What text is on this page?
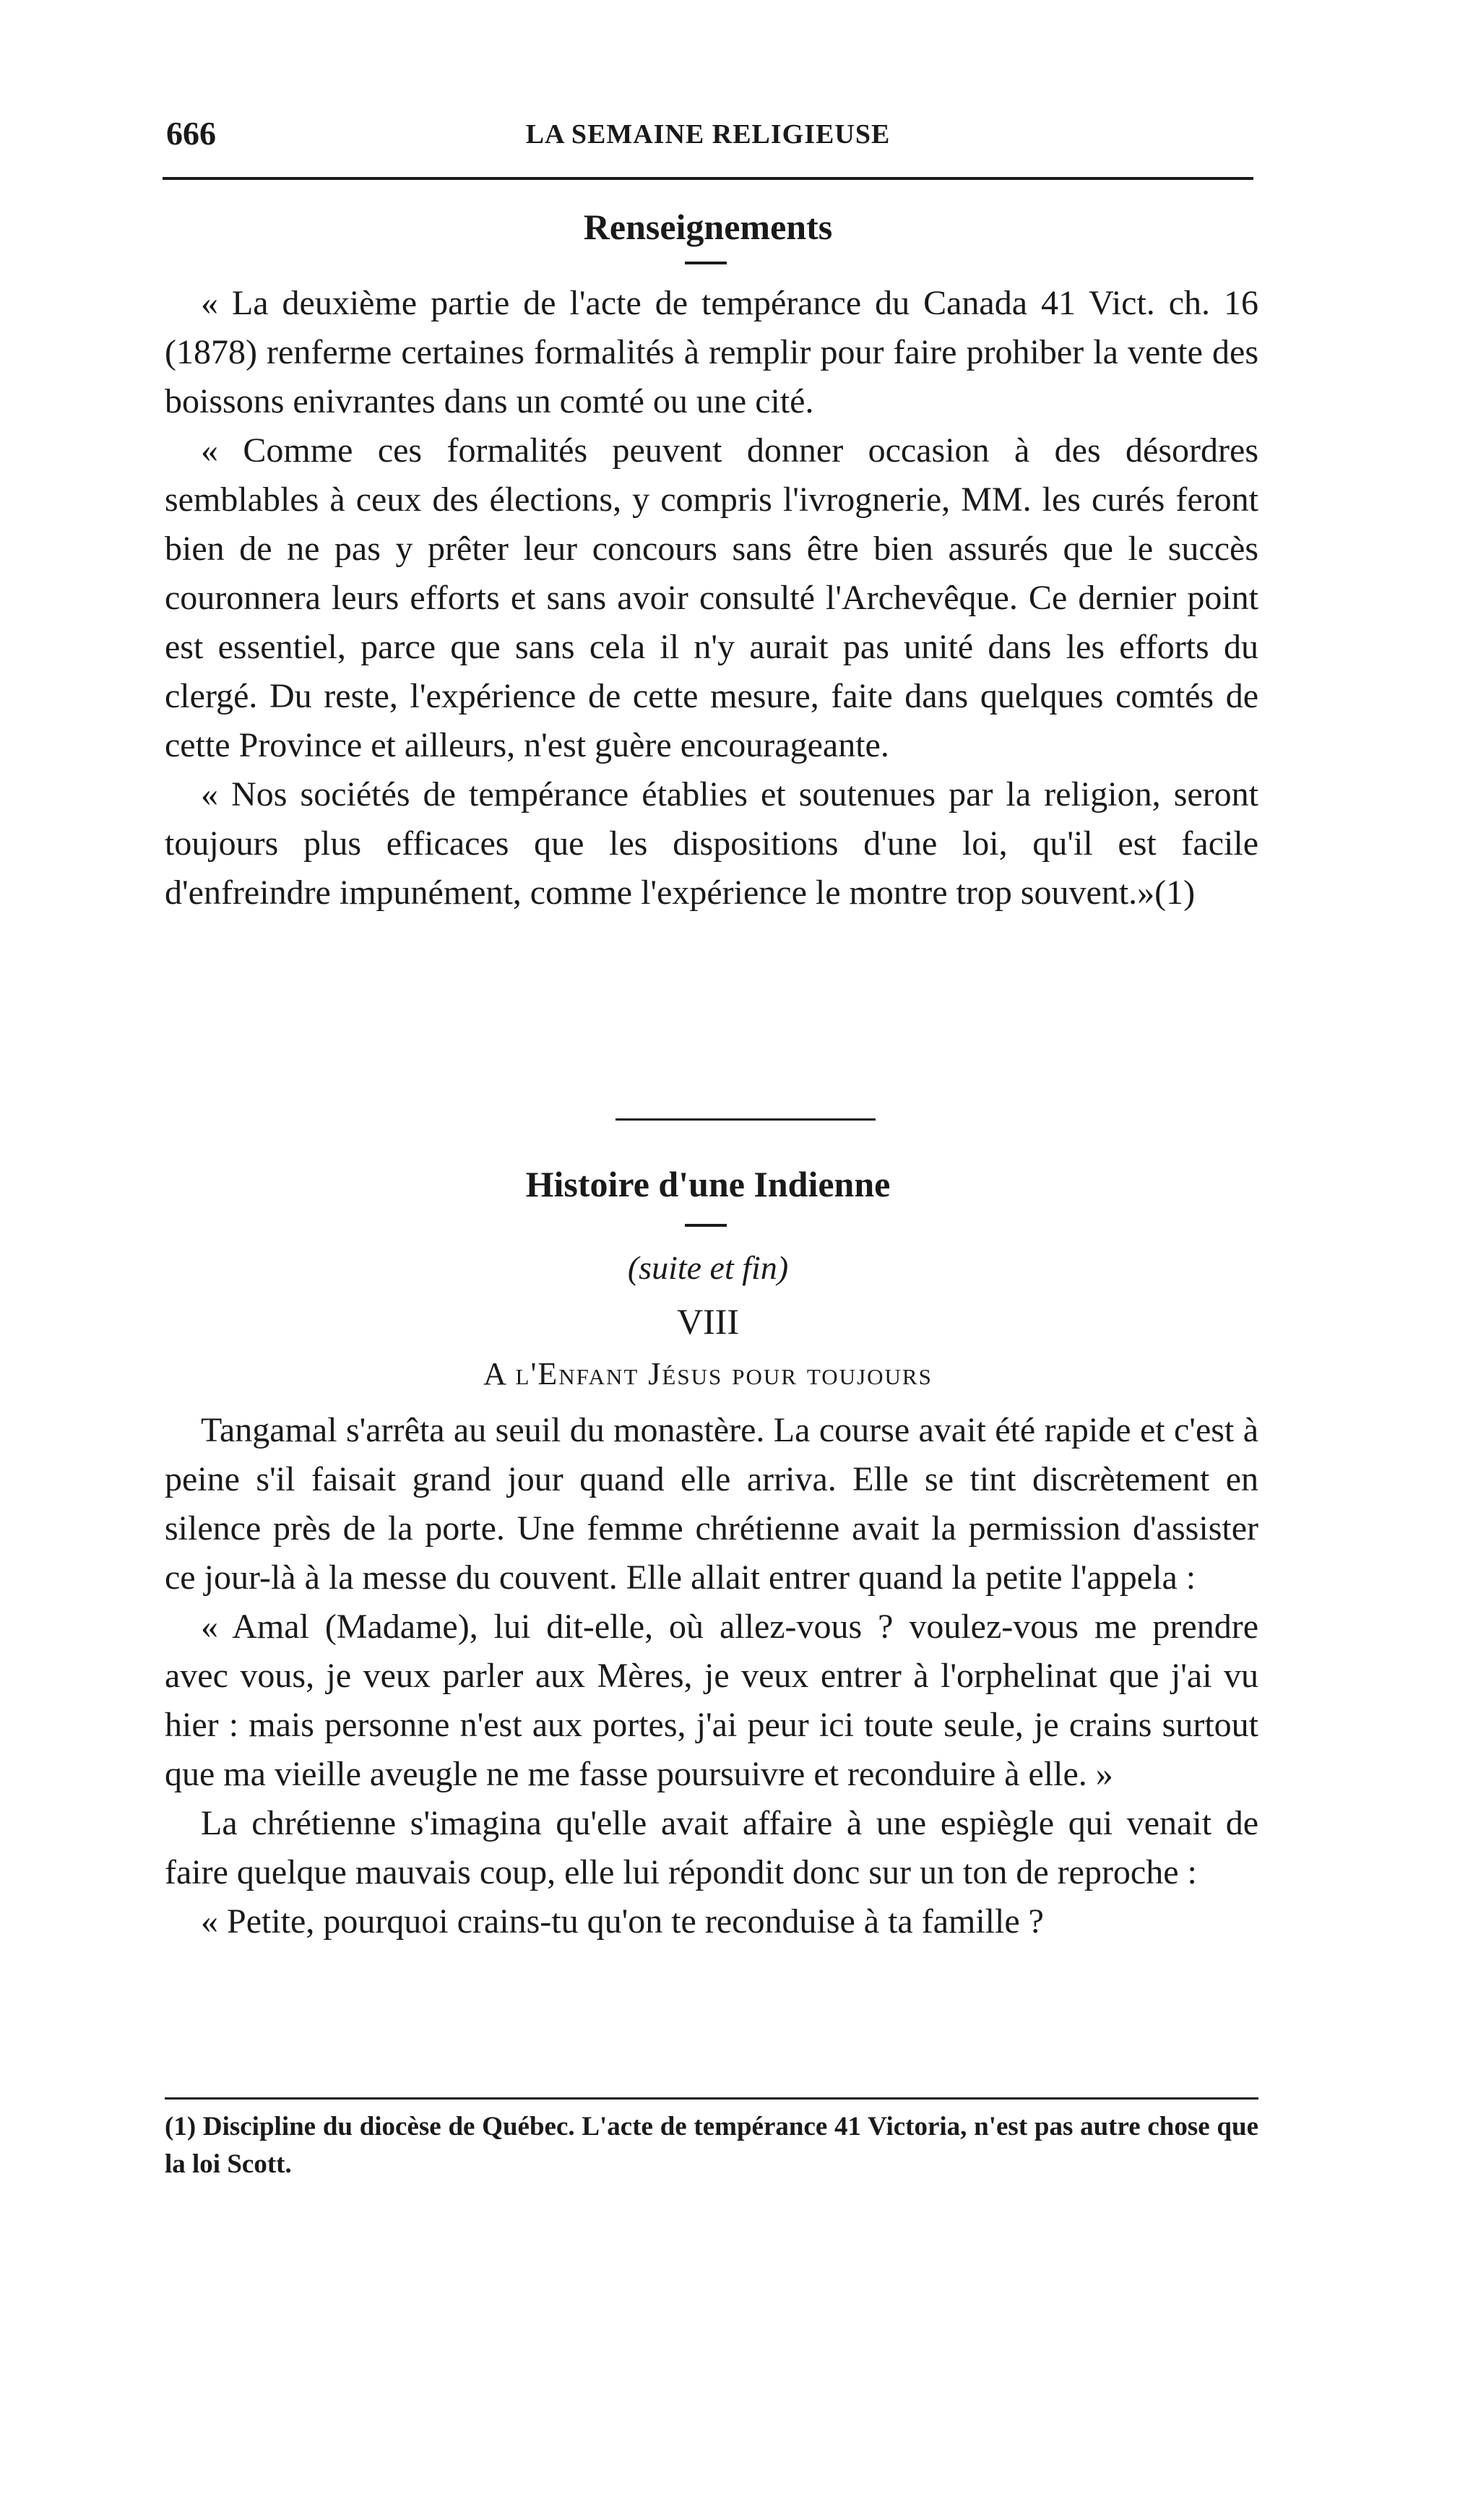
666	LA SEMAINE RELIGIEUSE
Renseignements

« La deuxième partie de l'acte de tempérance du Canada 41 Vict. ch. 16 (1878) renferme certaines formalités à remplir pour faire prohiber la vente des boissons enivrantes dans un comté ou une cité.

« Comme ces formalités peuvent donner occasion à des désordres semblables à ceux des élections, y compris l'ivrognerie, MM. les curés feront bien de ne pas y prêter leur concours sans être bien assurés que le succès couronnera leurs efforts et sans avoir consulté l'Archevêque. Ce dernier point est essentiel, parce que sans cela il n'y aurait pas unité dans les efforts du clergé. Du reste, l'expérience de cette mesure, faite dans quelques comtés de cette Province et ailleurs, n'est guère encourageante.

« Nos sociétés de tempérance établies et soutenues par la religion, seront toujours plus efficaces que les dispositions d'une loi, qu'il est facile d'enfreindre impunément, comme l'expérience le montre trop souvent.»(1)

Histoire d'une Indienne
(suite et fin)
VIII
A l'Enfant Jésus pour toujours

Tangamal s'arrêta au seuil du monastère. La course avait été rapide et c'est à peine s'il faisait grand jour quand elle arriva. Elle se tint discrètement en silence près de la porte. Une femme chrétienne avait la permission d'assister ce jour-là à la messe du couvent. Elle allait entrer quand la petite l'appela :

« Amal (Madame), lui dit-elle, où allez-vous ? voulez-vous me prendre avec vous, je veux parler aux Mères, je veux entrer à l'orphelinat que j'ai vu hier : mais personne n'est aux portes, j'ai peur ici toute seule, je crains surtout que ma vieille aveugle ne me fasse poursuivre et reconduire à elle. »

La chrétienne s'imagina qu'elle avait affaire à une espiègle qui venait de faire quelque mauvais coup, elle lui répondit donc sur un ton de reproche :

« Petite, pourquoi crains-tu qu'on te reconduise à ta famille ?

(1) Discipline du diocèse de Québec. L'acte de tempérance 41 Victoria, n'est pas autre chose que la loi Scott.
